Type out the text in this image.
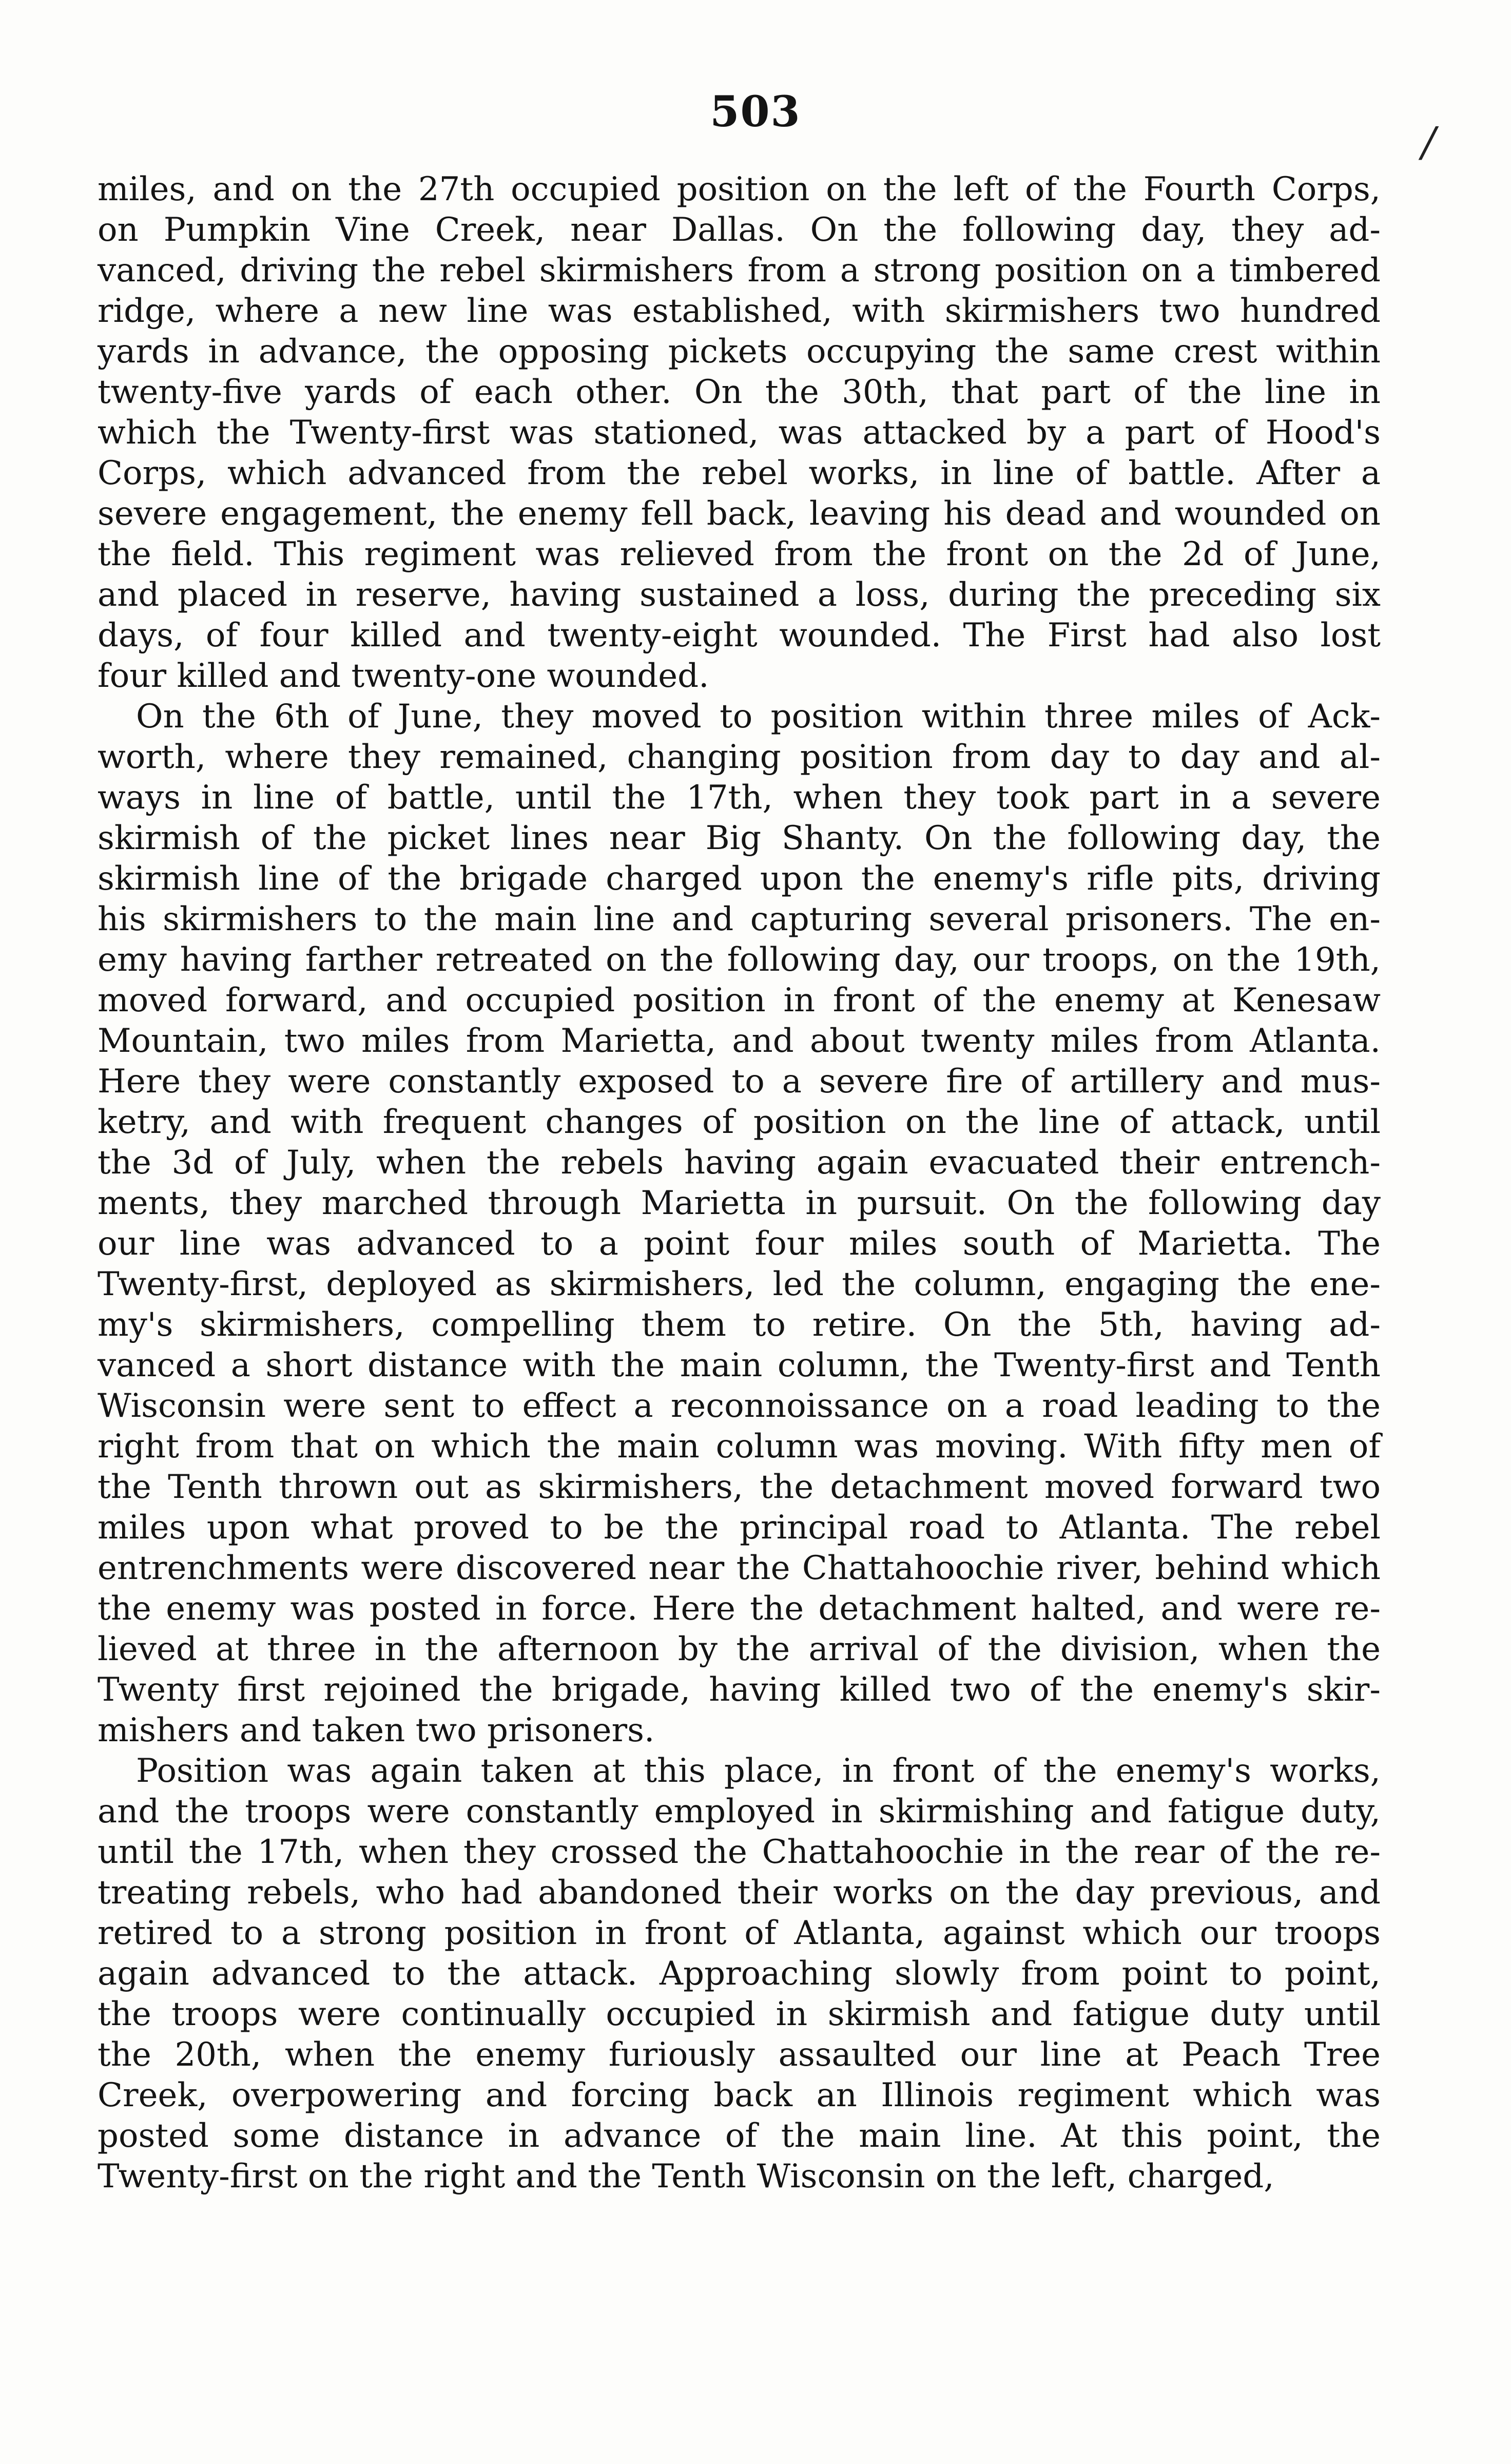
503
/
miles, and on the 27th occupied position on the left of the Fourth Corps,
on Pumpkin Vine Creek, near Dallas. On the following day, they ad-
vanced, driving the rebel skirmishers from a strong position on a timbered
ridge, where a new line was established, with skirmishers two hundred
yards in advance, the opposing pickets occupying the same crest within
twenty-five yards of each other. On the 30th, that part of the line in
which the Twenty-first was stationed, was attacked by a part of Hood's
Corps, which advanced from the rebel works, in line of battle. After a
severe engagement, the enemy fell back, leaving his dead and wounded on
the field. This regiment was relieved from the front on the 2d of June,
and placed in reserve, having sustained a loss, during the preceding six
days, of four killed and twenty-eight wounded. The First had also lost
four killed and twenty-one wounded.
On the 6th of June, they moved to position within three miles of Ack-
worth, where they remained, changing position from day to day and al-
ways in line of battle, until the 17th, when they took part in a severe
skirmish of the picket lines near Big Shanty. On the following day, the
skirmish line of the brigade charged upon the enemy's rifle pits, driving
his skirmishers to the main line and capturing several prisoners. The en-
emy having farther retreated on the following day, our troops, on the 19th,
moved forward, and occupied position in front of the enemy at Kenesaw
Mountain, two miles from Marietta, and about twenty miles from Atlanta.
Here they were constantly exposed to a severe fire of artillery and mus-
ketry, and with frequent changes of position on the line of attack, until
the 3d of July, when the rebels having again evacuated their entrench-
ments, they marched through Marietta in pursuit. On the following day
our line was advanced to a point four miles south of Marietta. The
Twenty-first, deployed as skirmishers, led the column, engaging the ene-
my's skirmishers, compelling them to retire. On the 5th, having ad-
vanced a short distance with the main column, the Twenty-first and Tenth
Wisconsin were sent to effect a reconnoissance on a road leading to the
right from that on which the main column was moving. With fifty men of
the Tenth thrown out as skirmishers, the detachment moved forward two
miles upon what proved to be the principal road to Atlanta. The rebel
entrenchments were discovered near the Chattahoochie river, behind which
the enemy was posted in force. Here the detachment halted, and were re-
lieved at three in the afternoon by the arrival of the division, when the
Twenty first rejoined the brigade, having killed two of the enemy's skir-
mishers and taken two prisoners.
Position was again taken at this place, in front of the enemy's works,
and the troops were constantly employed in skirmishing and fatigue duty,
until the 17th, when they crossed the Chattahoochie in the rear of the re-
treating rebels, who had abandoned their works on the day previous, and
retired to a strong position in front of Atlanta, against which our troops
again advanced to the attack. Approaching slowly from point to point,
the troops were continually occupied in skirmish and fatigue duty until
the 20th, when the enemy furiously assaulted our line at Peach Tree
Creek, overpowering and forcing back an Illinois regiment which was
posted some distance in advance of the main line. At this point, the
Twenty-first on the right and the Tenth Wisconsin on the left, charged,
